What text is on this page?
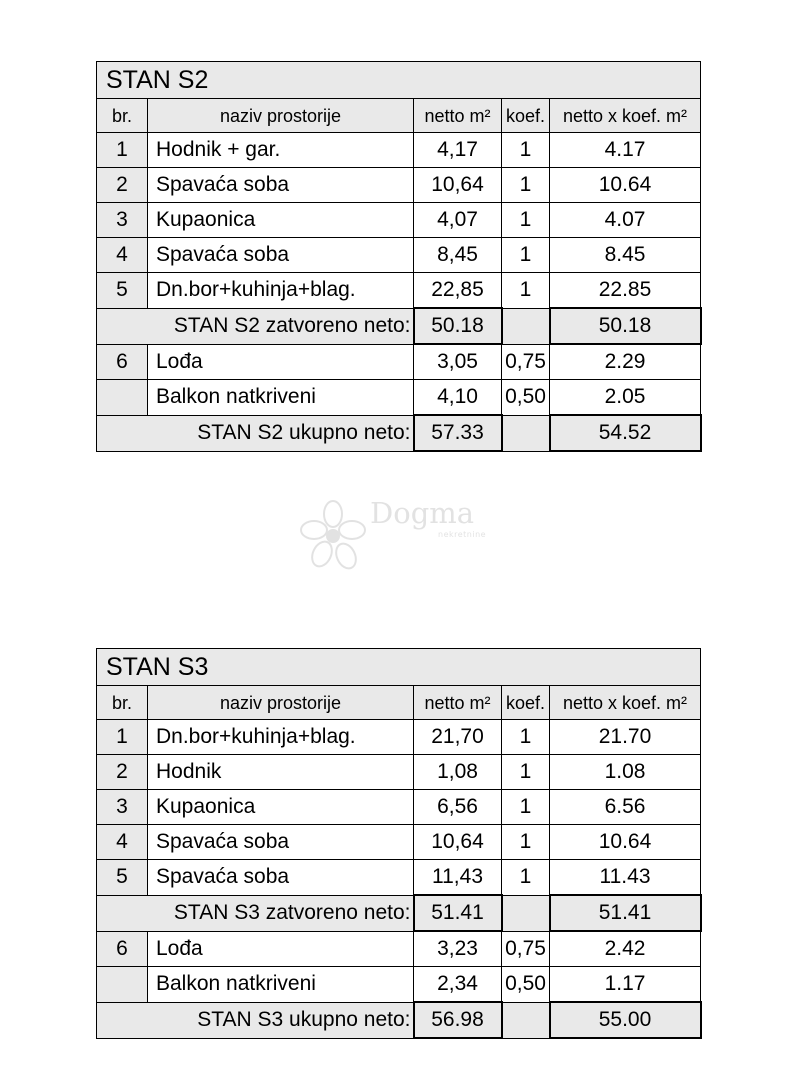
STAN S2				
br.	naziv prostorije	netto m²	koef.	netto x koef. m²
1	Hodnik + gar.	4,17	1	4.17
2	Spavaća soba	10,64	1	10.64
3	Kupaonica	4,07	1	4.07
4	Spavaća soba	8,45	1	8.45
5	Dn.bor+kuhinja+blag.	22,85	1	22.85
STAN S2 zatvoreno neto:		50.18		50.18
6	Lođa	3,05	0,75	2.29
	Balkon natkriveni	4,10	0,50	2.05
STAN S2 ukupno neto:		57.33		54.52
Dogma
nekretnine
STAN S3				
br.	naziv prostorije	netto m²	koef.	netto x koef. m²
1	Dn.bor+kuhinja+blag.	21,70	1	21.70
2	Hodnik	1,08	1	1.08
3	Kupaonica	6,56	1	6.56
4	Spavaća soba	10,64	1	10.64
5	Spavaća soba	11,43	1	11.43
STAN S3 zatvoreno neto:		51.41		51.41
6	Lođa	3,23	0,75	2.42
	Balkon natkriveni	2,34	0,50	1.17
STAN S3 ukupno neto:		56.98		55.00
